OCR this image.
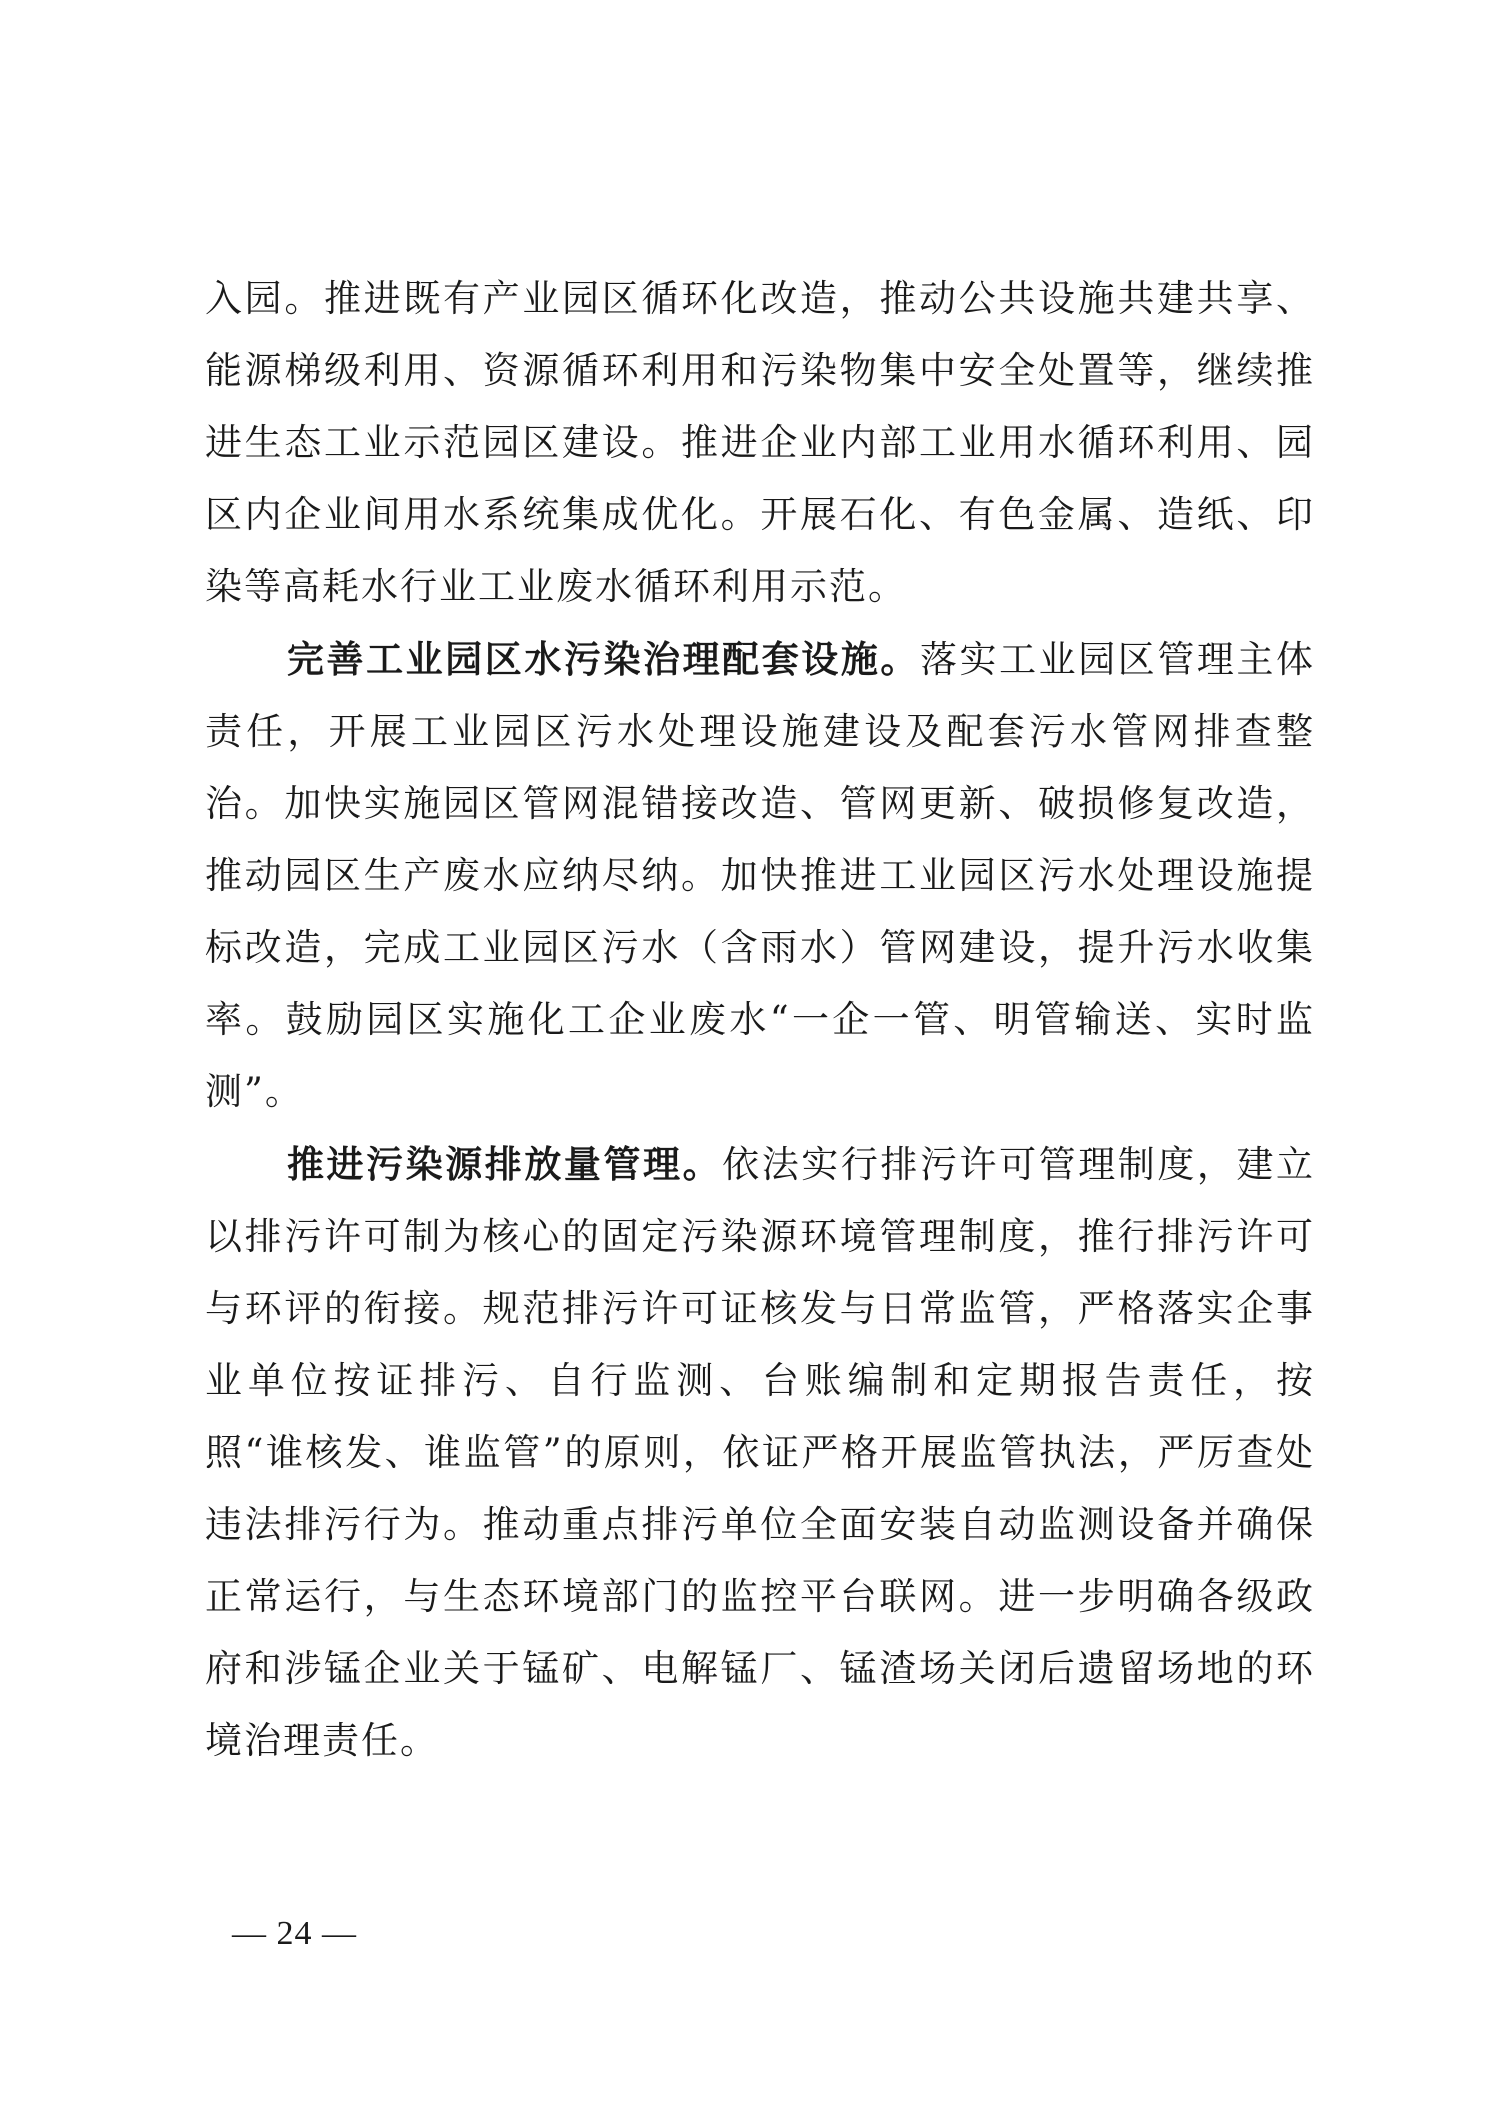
入园。推进既有产业园区循环化改造，推动公共设施共建共享、能源梯级利用、资源循环利用和污染物集中安全处置等，继续推进生态工业示范园区建设。推进企业内部工业用水循环利用、园区内企业间用水系统集成优化。开展石化、有色金属、造纸、印染等高耗水行业工业废水循环利用示范。

完善工业园区水污染治理配套设施。落实工业园区管理主体责任，开展工业园区污水处理设施建设及配套污水管网排查整治。加快实施园区管网混错接改造、管网更新、破损修复改造，推动园区生产废水应纳尽纳。加快推进工业园区污水处理设施提标改造，完成工业园区污水（含雨水）管网建设，提升污水收集率。鼓励园区实施化工企业废水“一企一管、明管输送、实时监测”。

推进污染源排放量管理。依法实行排污许可管理制度，建立以排污许可制为核心的固定污染源环境管理制度，推行排污许可与环评的衔接。规范排污许可证核发与日常监管，严格落实企事业单位按证排污、自行监测、台账编制和定期报告责任，按照“谁核发、谁监管”的原则，依证严格开展监管执法，严厉查处违法排污行为。推动重点排污单位全面安装自动监测设备并确保正常运行，与生态环境部门的监控平台联网。进一步明确各级政府和涉锰企业关于锰矿、电解锰厂、锰渣场关闭后遗留场地的环境治理责任。

— 24 —
